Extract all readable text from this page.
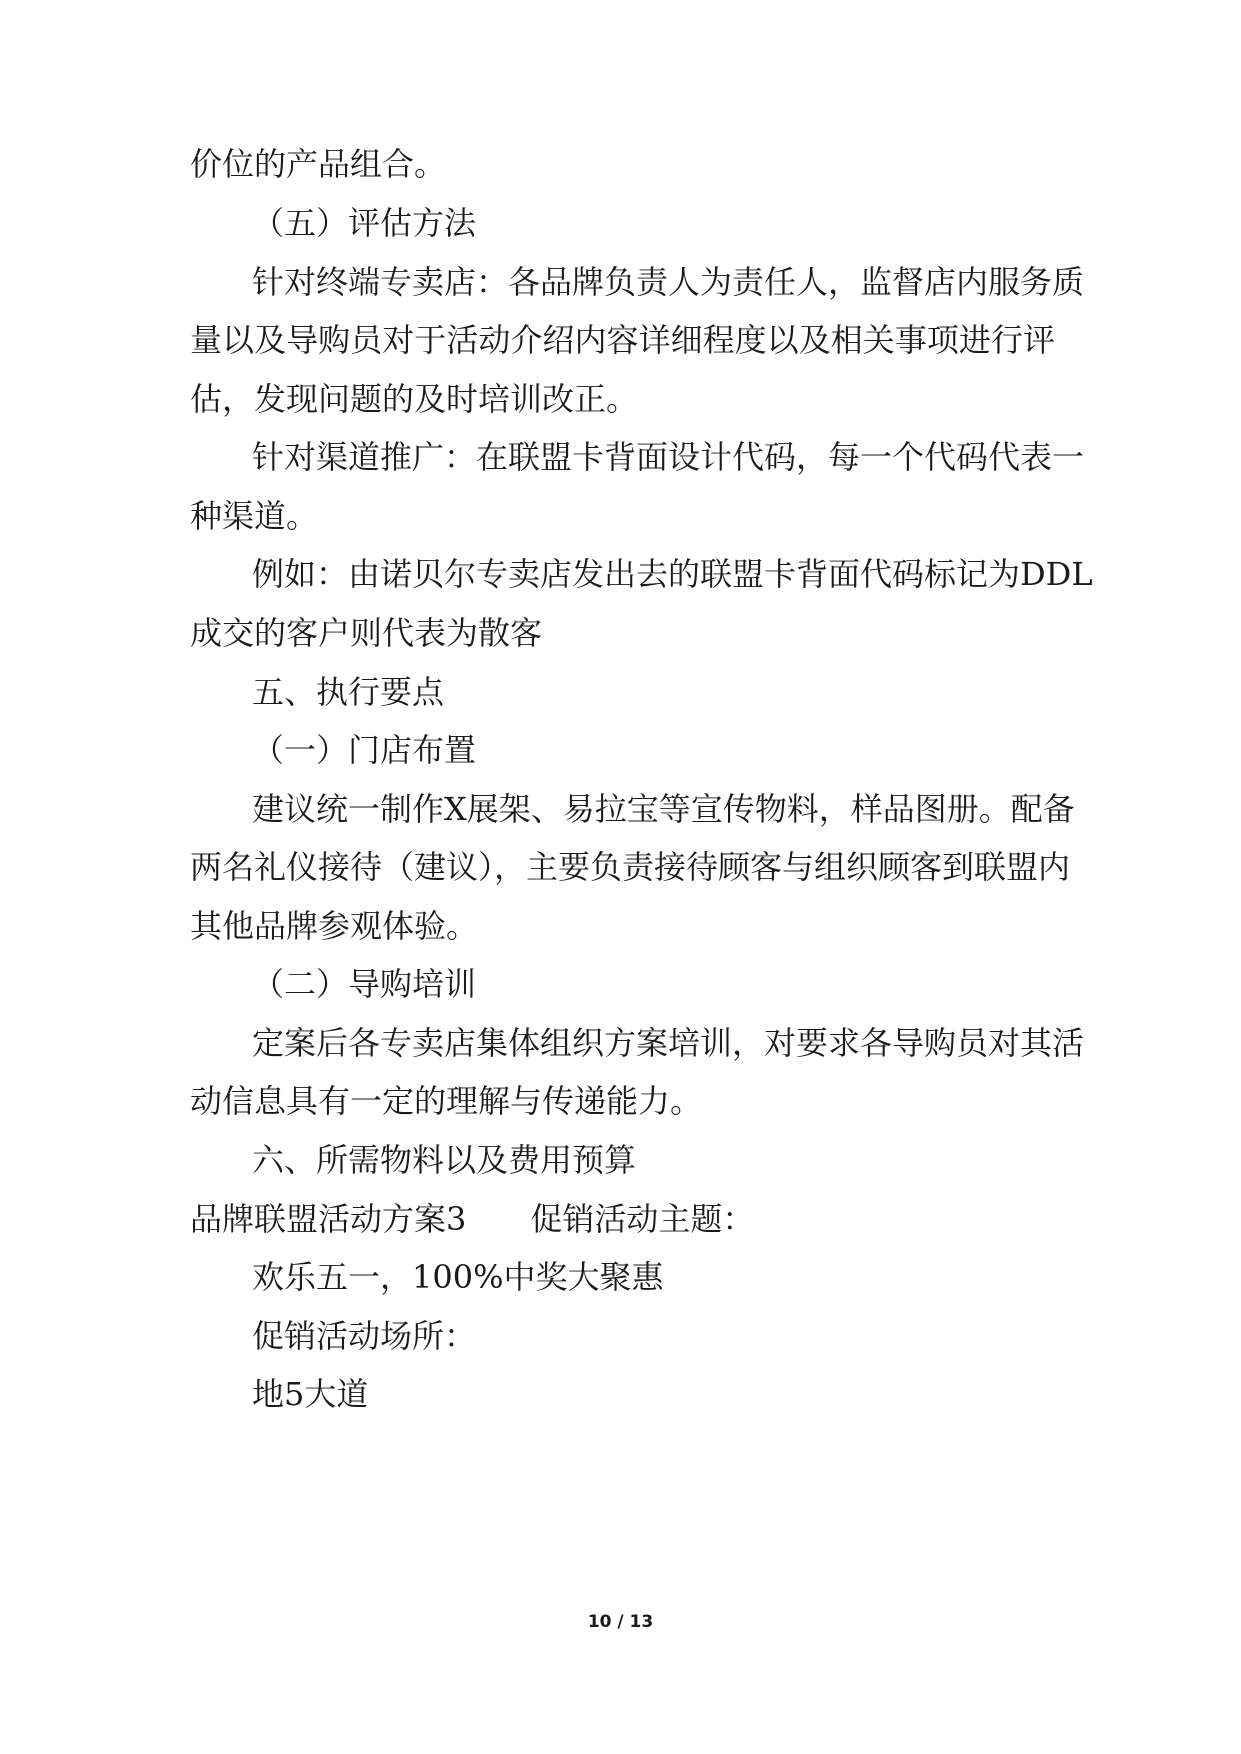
价位的产品组合。
（五）评估方法
针对终端专卖店：各品牌负责人为责任人，监督店内服务质
量以及导购员对于活动介绍内容详细程度以及相关事项进行评
估，发现问题的及时培训改正。
针对渠道推广：在联盟卡背面设计代码，每一个代码代表一
种渠道。
例如：由诺贝尔专卖店发出去的联盟卡背面代码标记为DDL
成交的客户则代表为散客
五、执行要点
（一）门店布置
建议统一制作X展架、易拉宝等宣传物料，样品图册。配备
两名礼仪接待（建议），主要负责接待顾客与组织顾客到联盟内
其他品牌参观体验。
（二）导购培训
定案后各专卖店集体组织方案培训，对要求各导购员对其活
动信息具有一定的理解与传递能力。
六、所需物料以及费用预算
品牌联盟活动方案3 促销活动主题：
欢乐五一，100%中奖大聚惠
促销活动场所：
地5大道
10 / 13
